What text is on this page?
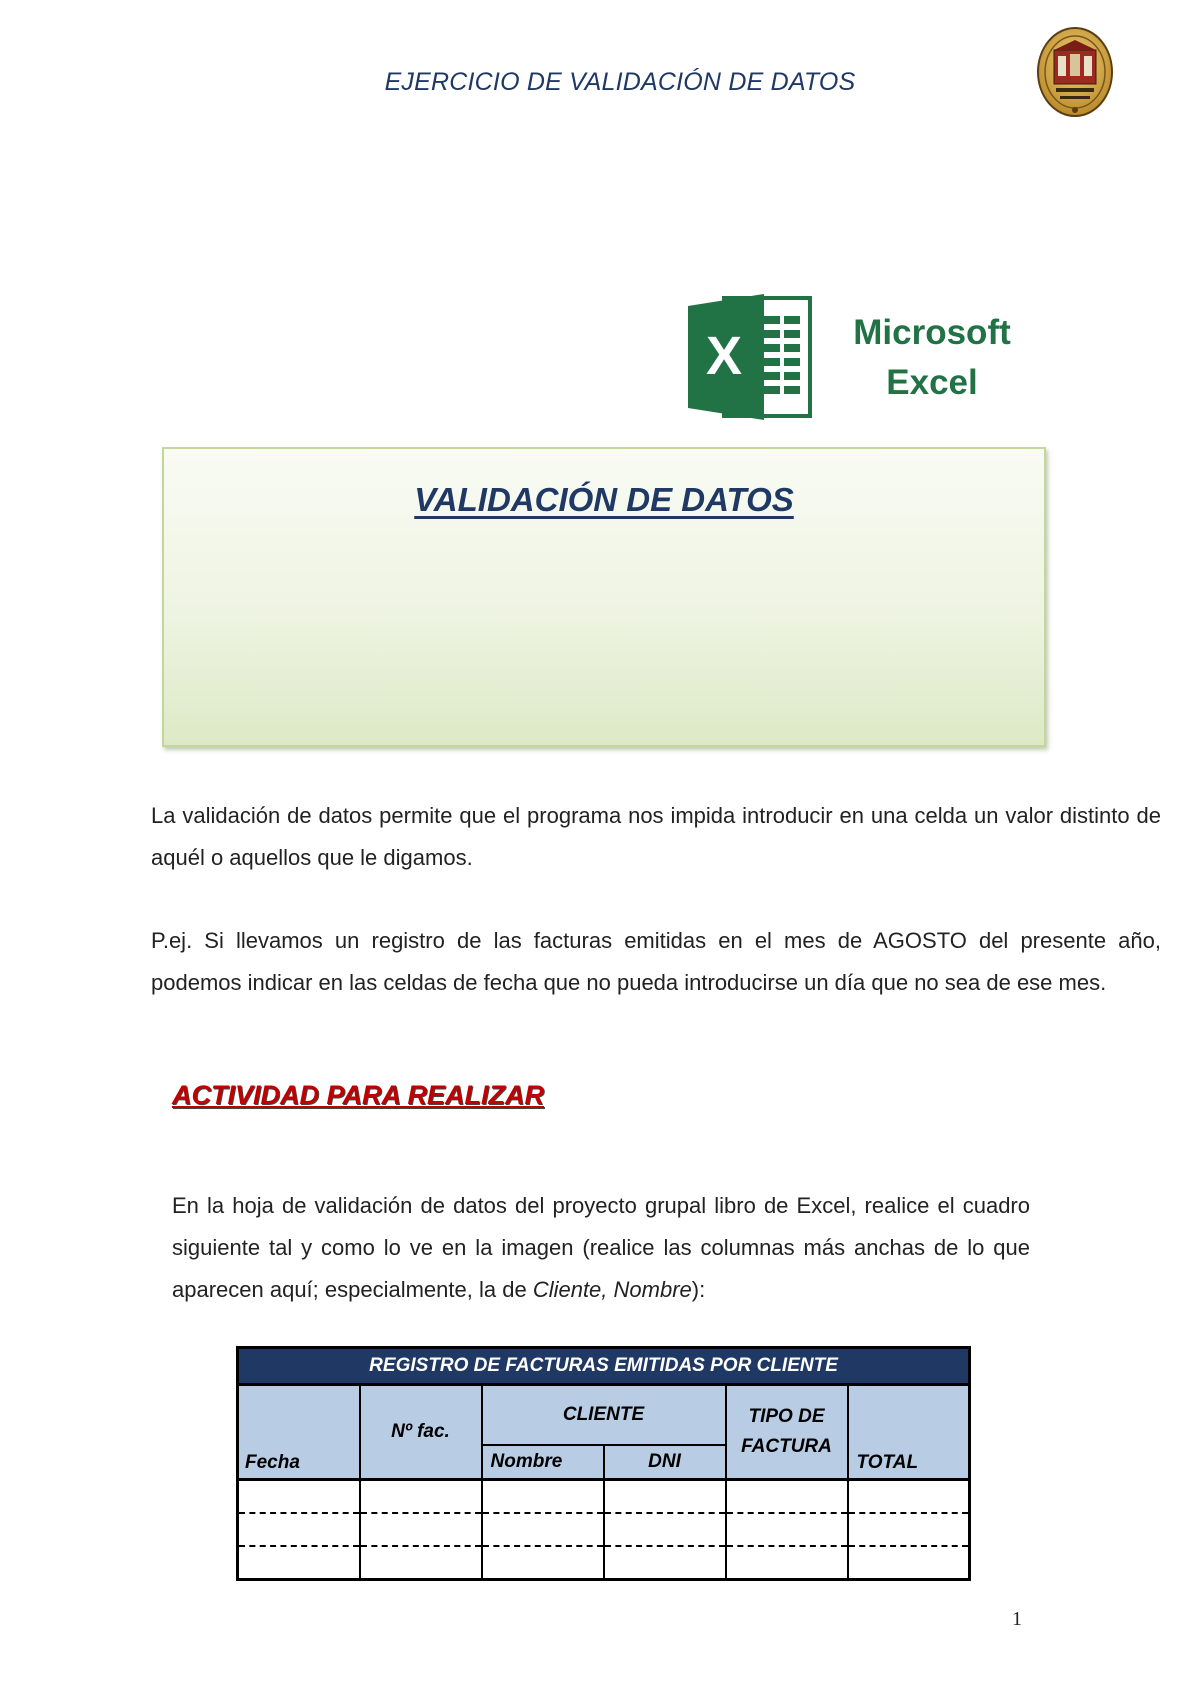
EJERCICIO DE VALIDACIÓN DE DATOS
X	Microsoft
Excel
VALIDACIÓN DE DATOS
La validación de datos permite que el programa nos impida introducir en una celda un valor distinto de aquél o aquellos que le digamos.
P.ej. Si llevamos un registro de las facturas emitidas en el mes de AGOSTO del presente año, podemos indicar en las celdas de fecha que no pueda introducirse un día que no sea de ese mes.
ACTIVIDAD PARA REALIZAR
En la hoja de validación de datos del proyecto grupal libro de Excel, realice el cuadro siguiente tal y como lo ve en la imagen (realice las columnas más anchas de lo que aparecen aquí; especialmente, la de Cliente, Nombre):
REGISTRO DE FACTURAS EMITIDAS POR CLIENTE					
Fecha	Nº fac.	CLIENTE		TIPO DE FACTURA	TOTAL
		Nombre	DNI		

1
